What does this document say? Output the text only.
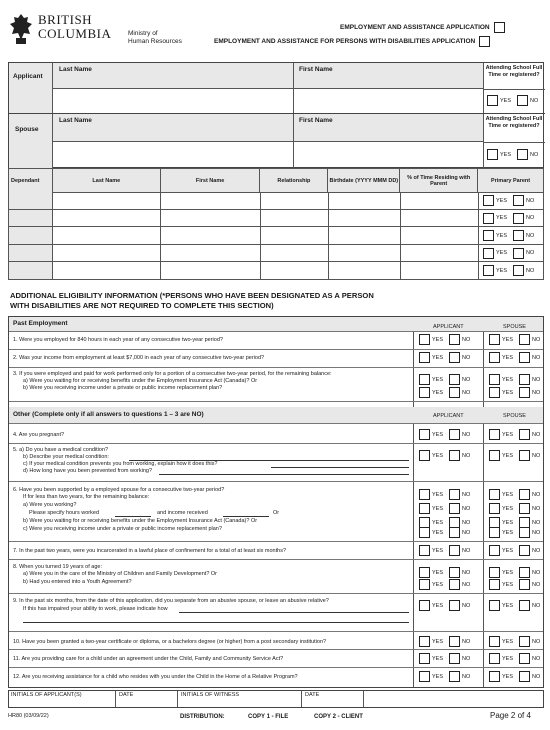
BRITISH
COLUMBIA	Ministry of
Human Resources
EMPLOYMENT AND ASSISTANCE APPLICATION
EMPLOYMENT AND ASSISTANCE FOR PERSONS WITH DISABILITIES APPLICATION
Applicant
Last Name	First Name	Attending School Full Time or registered?
YES	NO
Spouse
Last Name	First Name	Attending School Full Time or registered?
YES	NO
Dependant	Last Name	First Name	Relationship	Birthdate (YYYY MMM DD)	% of Time Residing with Parent	Primary Parent
YES	NO
YES	NO
YES	NO
YES	NO
YES	NO
ADDITIONAL ELIGIBILITY INFORMATION (*PERSONS WHO HAVE BEEN DESIGNATED AS A PERSON
WITH DISABILITIES ARE NOT REQUIRED TO COMPLETE THIS SECTION)
Past Employment	APPLICANT	SPOUSE
1. Were you employed for 840 hours in each year of any consecutive two-year period?	YES	NO	YES	NO
2. Was your income from employment at least $7,000 in each year of any consecutive two-year period?	YES	NO	YES	NO
3. If you were employed and paid for work performed only for a portion of a consecutive two-year period, for the remaining balance:
a) Were you waiting for or receiving benefits under the Employment Insurance Act (Canada)? Or
b) Were you receiving income under a private or public income replacement plan?
YES	NO	YES	NO
YES	NO	YES	NO
Other (Complete only if all answers to questions 1 – 3 are NO)	APPLICANT	SPOUSE
4. Are you pregnant?	YES	NO	YES	NO
5. a) Do you have a medical condition?
b) Describe your medical condition:
c) If your medical condition prevents you from working, explain how it does this?
d) How long have you been prevented from working?
YES	NO	YES	NO
6. Have you been supported by a employed spouse for a consecutive two-year period?
If for less than two years, for the remaining balance:
a) Were you working?
Please specify hours worked	and income received	Or
b) Were you waiting for or receiving benefits under the Employment Insurance Act (Canada)? Or
c) Were you receiving income under a private or public income replacement plan?
YES	NO	YES	NO
YES	NO	YES	NO
YES	NO	YES	NO
YES	NO	YES	NO
7. In the past two years, were you incarcerated in a lawful place of confinement for a total of at least six months?	YES	NO	YES	NO
8. When you turned 19 years of age:
a) Were you in the care of the Ministry of Children and Family Development? Or
b) Had you entered into a Youth Agreement?
YES	NO	YES	NO
YES	NO	YES	NO
9. In the past six months, from the date of this application, did you separate from an abusive spouse, or leave an abusive relative?
If this has impaired your ability to work, please indicate how
YES	NO	YES	NO
10. Have you been granted a two-year certificate or diploma, or a bachelors degree (or higher) from a post secondary institution?	YES	NO	YES	NO
11. Are you providing care for a child under an agreement under the Child, Family and Community Service Act?	YES	NO	YES	NO
12. Are you receiving assistance for a child who resides with you under the Child in the Home of a Relative Program?	YES	NO	YES	NO
INITIALS OF APPLICANT(S)	DATE	INITIALS OF WITNESS	DATE
HR80 (03/09/22)	DISTRIBUTION:	COPY 1 - FILE	COPY 2 - CLIENT	Page 2 of 4
